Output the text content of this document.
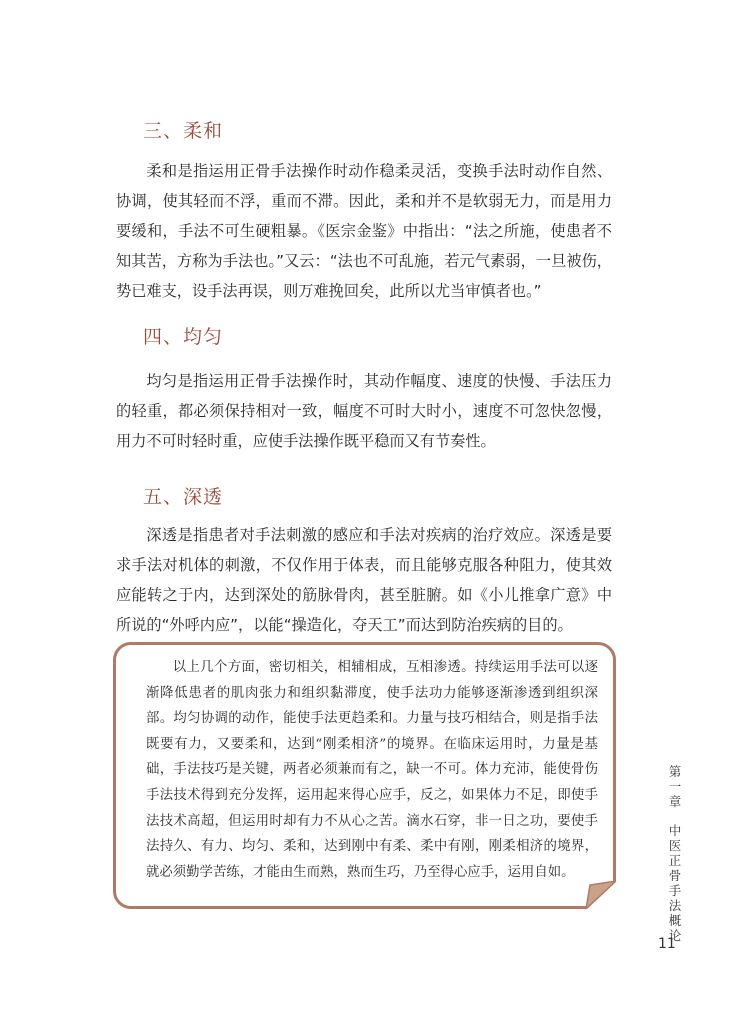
三、柔和

柔和是指运用正骨手法操作时动作稳柔灵活，变换手法时动作自然、协调，使其轻而不浮，重而不滞。因此，柔和并不是软弱无力，而是用力要缓和，手法不可生硬粗暴。《医宗金鉴》中指出：“法之所施，使患者不知其苦，方称为手法也。”又云：“法也不可乱施，若元气素弱，一旦被伤，势已难支，设手法再误，则万难挽回矣，此所以尤当审慎者也。”

四、均匀

均匀是指运用正骨手法操作时，其动作幅度、速度的快慢、手法压力的轻重，都必须保持相对一致，幅度不可时大时小，速度不可忽快忽慢，用力不可时轻时重，应使手法操作既平稳而又有节奏性。

五、深透

深透是指患者对手法刺激的感应和手法对疾病的治疗效应。深透是要求手法对机体的刺激，不仅作用于体表，而且能够克服各种阻力，使其效应能转之于内，达到深处的筋脉骨肉，甚至脏腑。如《小儿推拿广意》中所说的“外呼内应”，以能“操造化，夺天工”而达到防治疾病的目的。

以上几个方面，密切相关，相辅相成，互相渗透。持续运用手法可以逐渐降低患者的肌肉张力和组织黏滞度，使手法功力能够逐渐渗透到组织深部。均匀协调的动作，能使手法更趋柔和。力量与技巧相结合，则是指手法既要有力，又要柔和，达到“刚柔相济”的境界。在临床运用时，力量是基础，手法技巧是关键，两者必须兼而有之，缺一不可。体力充沛，能使骨伤手法技术得到充分发挥，运用起来得心应手，反之，如果体力不足，即使手法技术高超，但运用时却有力不从心之苦。滴水石穿，非一日之功，要使手法持久、有力、均匀、柔和，达到刚中有柔、柔中有刚，刚柔相济的境界，就必须勤学苦练，才能由生而熟，熟而生巧，乃至得心应手，运用自如。

第一章
中医正骨手法概论
11
